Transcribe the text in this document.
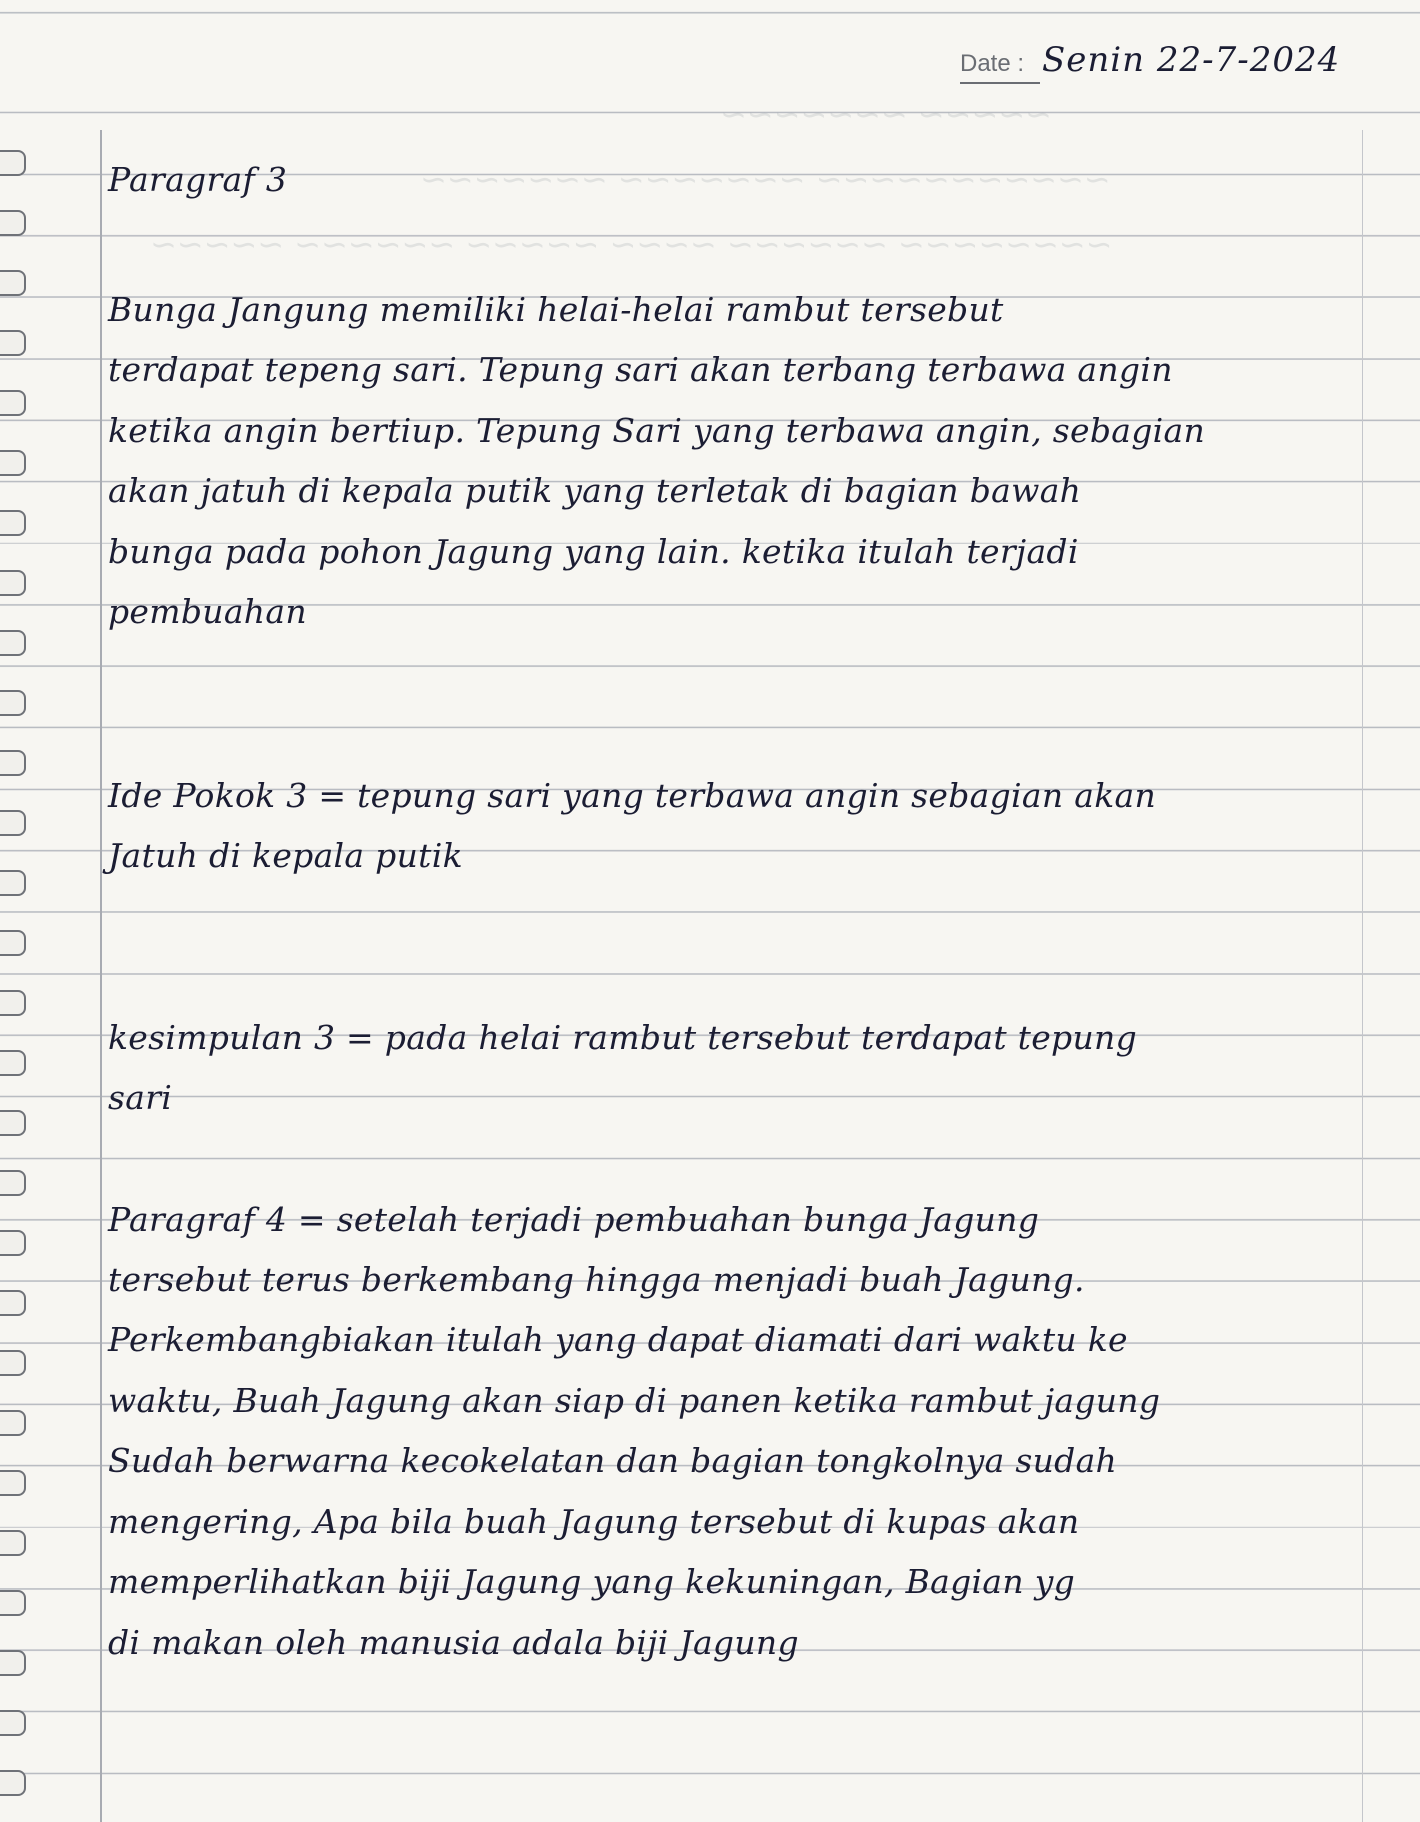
~~~~~ ~~~~~~~
~~~~~~~~~~~ ~~~~~~~ ~~~~~~~
~~~~~~~~ ~~~~~~ ~~~~ ~~~~~ ~~~~~~ ~~~~~
Date : Senin 22-7-2024
Paragraf 3
Bunga Jangung memiliki helai-helai rambut tersebut
terdapat tepeng sari. Tepung sari akan terbang terbawa angin
ketika angin bertiup. Tepung Sari yang terbawa angin, sebagian
akan jatuh di kepala putik yang terletak di bagian bawah
bunga pada pohon Jagung yang lain. ketika itulah terjadi
pembuahan
Ide Pokok 3 = tepung sari yang terbawa angin sebagian akan
Jatuh di kepala putik
kesimpulan 3 = pada helai rambut tersebut terdapat tepung
sari
Paragraf 4 = setelah terjadi pembuahan bunga Jagung
tersebut terus berkembang hingga menjadi buah Jagung.
Perkembangbiakan itulah yang dapat diamati dari waktu ke
waktu, Buah Jagung akan siap di panen ketika rambut jagung
Sudah berwarna kecokelatan dan bagian tongkolnya sudah
mengering, Apa bila buah Jagung tersebut di kupas akan
memperlihatkan biji Jagung yang kekuningan, Bagian yg
di makan oleh manusia adala biji Jagung
